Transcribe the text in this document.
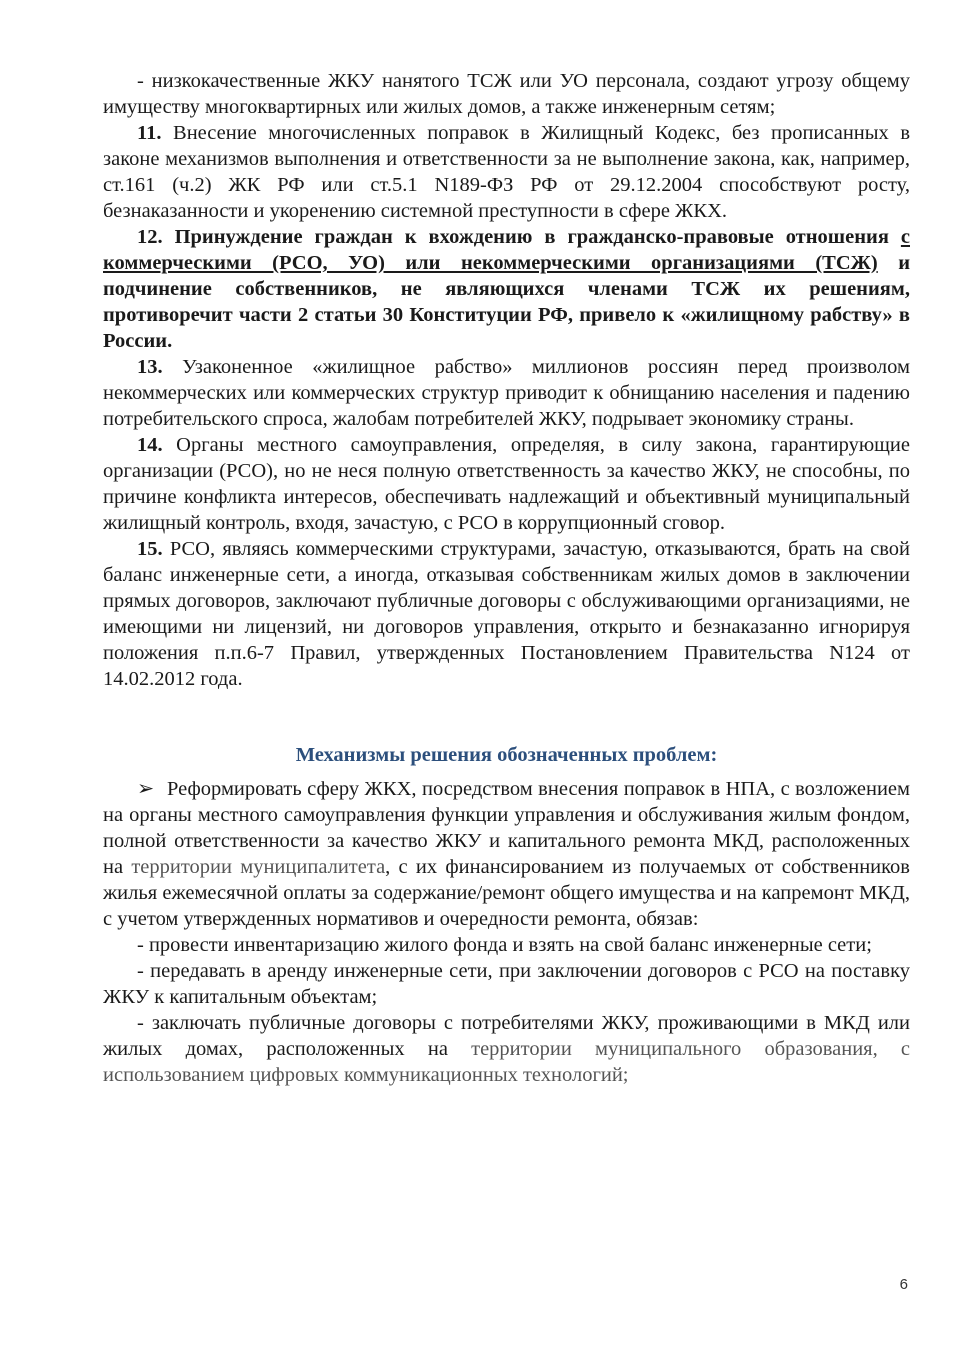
- низкокачественные ЖКУ нанятого ТСЖ или УО персонала, создают угрозу общему имуществу многоквартирных или жилых домов, а также инженерным сетям;

11. Внесение многочисленных поправок в Жилищный Кодекс, без прописанных в законе механизмов выполнения и ответственности за не выполнение закона, как, например, ст.161 (ч.2) ЖК РФ или ст.5.1 N189-ФЗ РФ от 29.12.2004 способствуют росту, безнаказанности и укоренению системной преступности в сфере ЖКХ.

12. Принуждение граждан к вхождению в гражданско-правовые отношения с коммерческими (РСО, УО) или некоммерческими организациями (ТСЖ) и подчинение собственников, не являющихся членами ТСЖ их решениям, противоречит части 2 статьи 30 Конституции РФ, привело к «жилищному рабству» в России.

13. Узаконенное «жилищное рабство» миллионов россиян перед произволом некоммерческих или коммерческих структур приводит к обнищанию населения и падению потребительского спроса, жалобам потребителей ЖКУ, подрывает экономику страны.

14. Органы местного самоуправления, определяя, в силу закона, гарантирующие организации (РСО), но не неся полную ответственность за качество ЖКУ, не способны, по причине конфликта интересов, обеспечивать надлежащий и объективный муниципальный жилищный контроль, входя, зачастую, с РСО в коррупционный сговор.

15. РСО, являясь коммерческими структурами, зачастую, отказываются, брать на свой баланс инженерные сети, а иногда, отказывая собственникам жилых домов в заключении прямых договоров, заключают публичные договоры с обслуживающими организациями, не имеющими ни лицензий, ни договоров управления, открыто и безнаказанно игнорируя положения п.п.6-7 Правил, утвержденных Постановлением Правительства N124 от 14.02.2012 года.

Механизмы решения обозначенных проблем:

➢ Реформировать сферу ЖКХ, посредством внесения поправок в НПА, с возложением на органы местного самоуправления функции управления и обслуживания жилым фондом, полной ответственности за качество ЖКУ и капитального ремонта МКД, расположенных на территории муниципалитета, с их финансированием из получаемых от собственников жилья ежемесячной оплаты за содержание/ремонт общего имущества и на капремонт МКД, с учетом утвержденных нормативов и очередности ремонта, обязав:

- провести инвентаризацию жилого фонда и взять на свой баланс инженерные сети;

- передавать в аренду инженерные сети, при заключении договоров с РСО на поставку ЖКУ к капитальным объектам;

- заключать публичные договоры с потребителями ЖКУ, проживающими в МКД или жилых домах, расположенных на территории муниципального образования, с использованием цифровых коммуникационных технологий;

6
